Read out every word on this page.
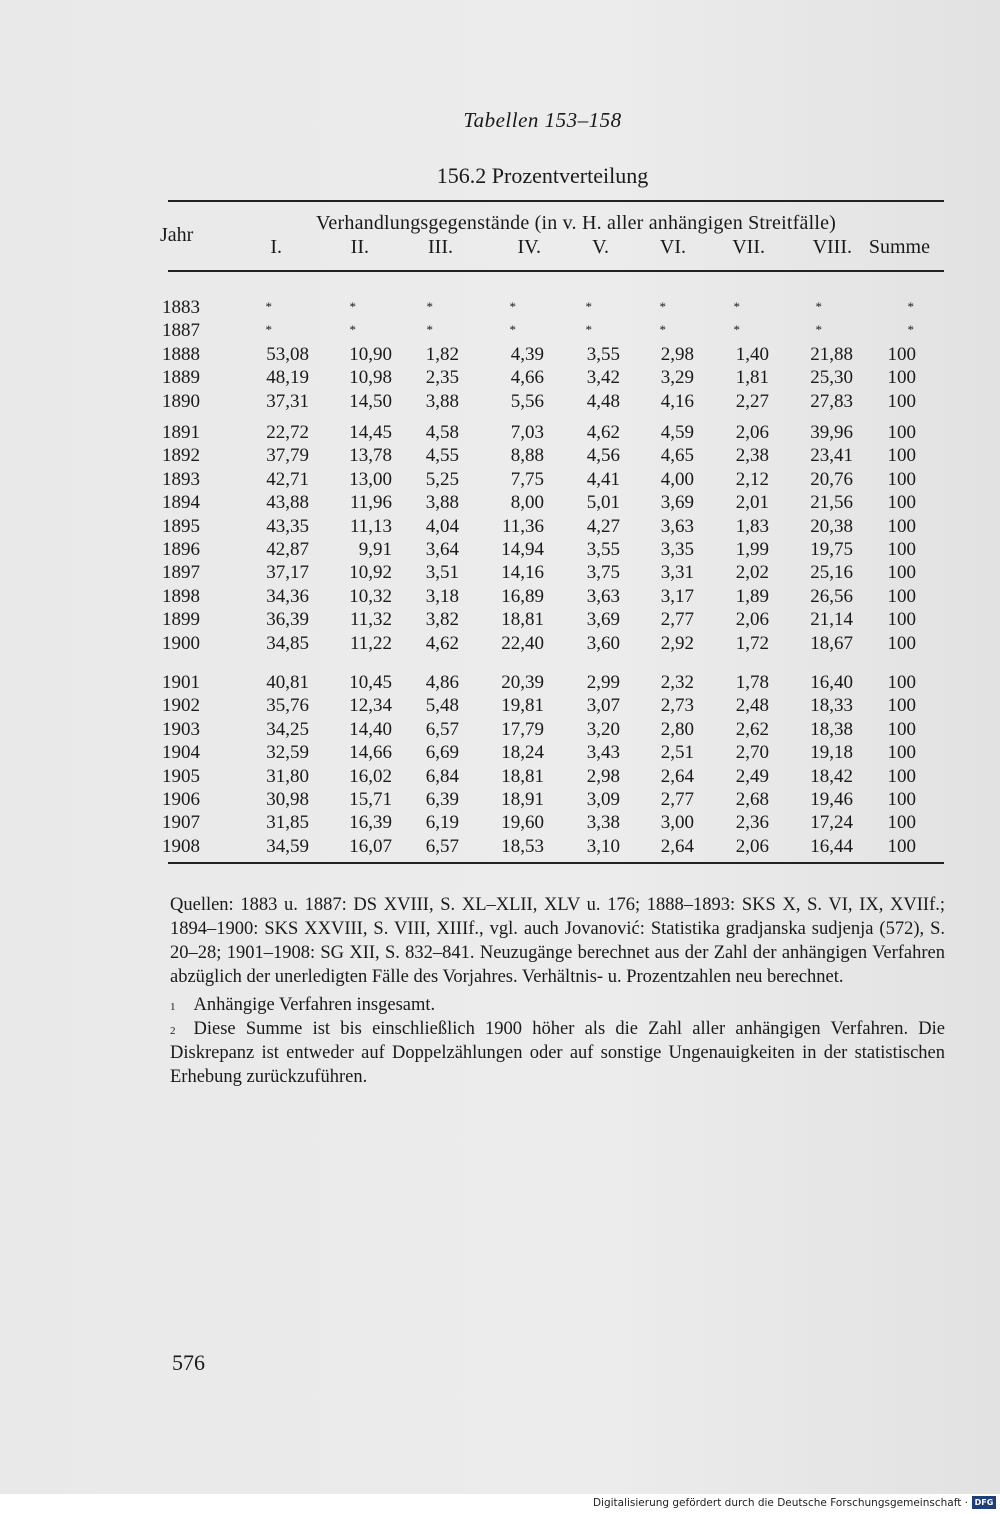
Tabellen 153–158
156.2 Prozentverteilung
Jahr
Verhandlungsgegenstände (in v. H. aller anhängigen Streitfälle)
I.	II.	III.	IV.	V.	VI.	VII.	VIII. Summe
1883	*	*	*	*	*	*	*	*	*
1887	*	*	*	*	*	*	*	*	*
1888	53,08	10,90	1,82	4,39	3,55	2,98	1,40	21,88	100
1889	48,19	10,98	2,35	4,66	3,42	3,29	1,81	25,30	100
1890	37,31	14,50	3,88	5,56	4,48	4,16	2,27	27,83	100
1891	22,72	14,45	4,58	7,03	4,62	4,59	2,06	39,96	100
1892	37,79	13,78	4,55	8,88	4,56	4,65	2,38	23,41	100
1893	42,71	13,00	5,25	7,75	4,41	4,00	2,12	20,76	100
1894	43,88	11,96	3,88	8,00	5,01	3,69	2,01	21,56	100
1895	43,35	11,13	4,04	11,36	4,27	3,63	1,83	20,38	100
1896	42,87	9,91	3,64	14,94	3,55	3,35	1,99	19,75	100
1897	37,17	10,92	3,51	14,16	3,75	3,31	2,02	25,16	100
1898	34,36	10,32	3,18	16,89	3,63	3,17	1,89	26,56	100
1899	36,39	11,32	3,82	18,81	3,69	2,77	2,06	21,14	100
1900	34,85	11,22	4,62	22,40	3,60	2,92	1,72	18,67	100
1901	40,81	10,45	4,86	20,39	2,99	2,32	1,78	16,40	100
1902	35,76	12,34	5,48	19,81	3,07	2,73	2,48	18,33	100
1903	34,25	14,40	6,57	17,79	3,20	2,80	2,62	18,38	100
1904	32,59	14,66	6,69	18,24	3,43	2,51	2,70	19,18	100
1905	31,80	16,02	6,84	18,81	2,98	2,64	2,49	18,42	100
1906	30,98	15,71	6,39	18,91	3,09	2,77	2,68	19,46	100
1907	31,85	16,39	6,19	19,60	3,38	3,00	2,36	17,24	100
1908	34,59	16,07	6,57	18,53	3,10	2,64	2,06	16,44	100

Quellen: 1883 u. 1887: DS XVIII, S. XL–XLII, XLV u. 176; 1888–1893: SKS X, S. VI, IX, XVIIf.; 1894–1900: SKS XXVIII, S. VIII, XIIIf., vgl. auch Jovanović: Statistika gradjanska sudjenja (572), S. 20–28; 1901–1908: SG XII, S. 832–841. Neuzugänge berechnet aus der Zahl der anhängigen Verfahren abzüglich der unerledigten Fälle des Vorjahres. Verhältnis- u. Prozentzahlen neu berechnet.

$^1$ Anhängige Verfahren insgesamt.

$^2$ Diese Summe ist bis einschließlich 1900 höher als die Zahl aller anhängigen Verfahren. Die Diskrepanz ist entweder auf Doppelzählungen oder auf sonstige Ungenauigkeiten in der statistischen Erhebung zurückzuführen.

576
Digitalisierung gefördert durch die Deutsche Forschungsgemeinschaft · DFG
